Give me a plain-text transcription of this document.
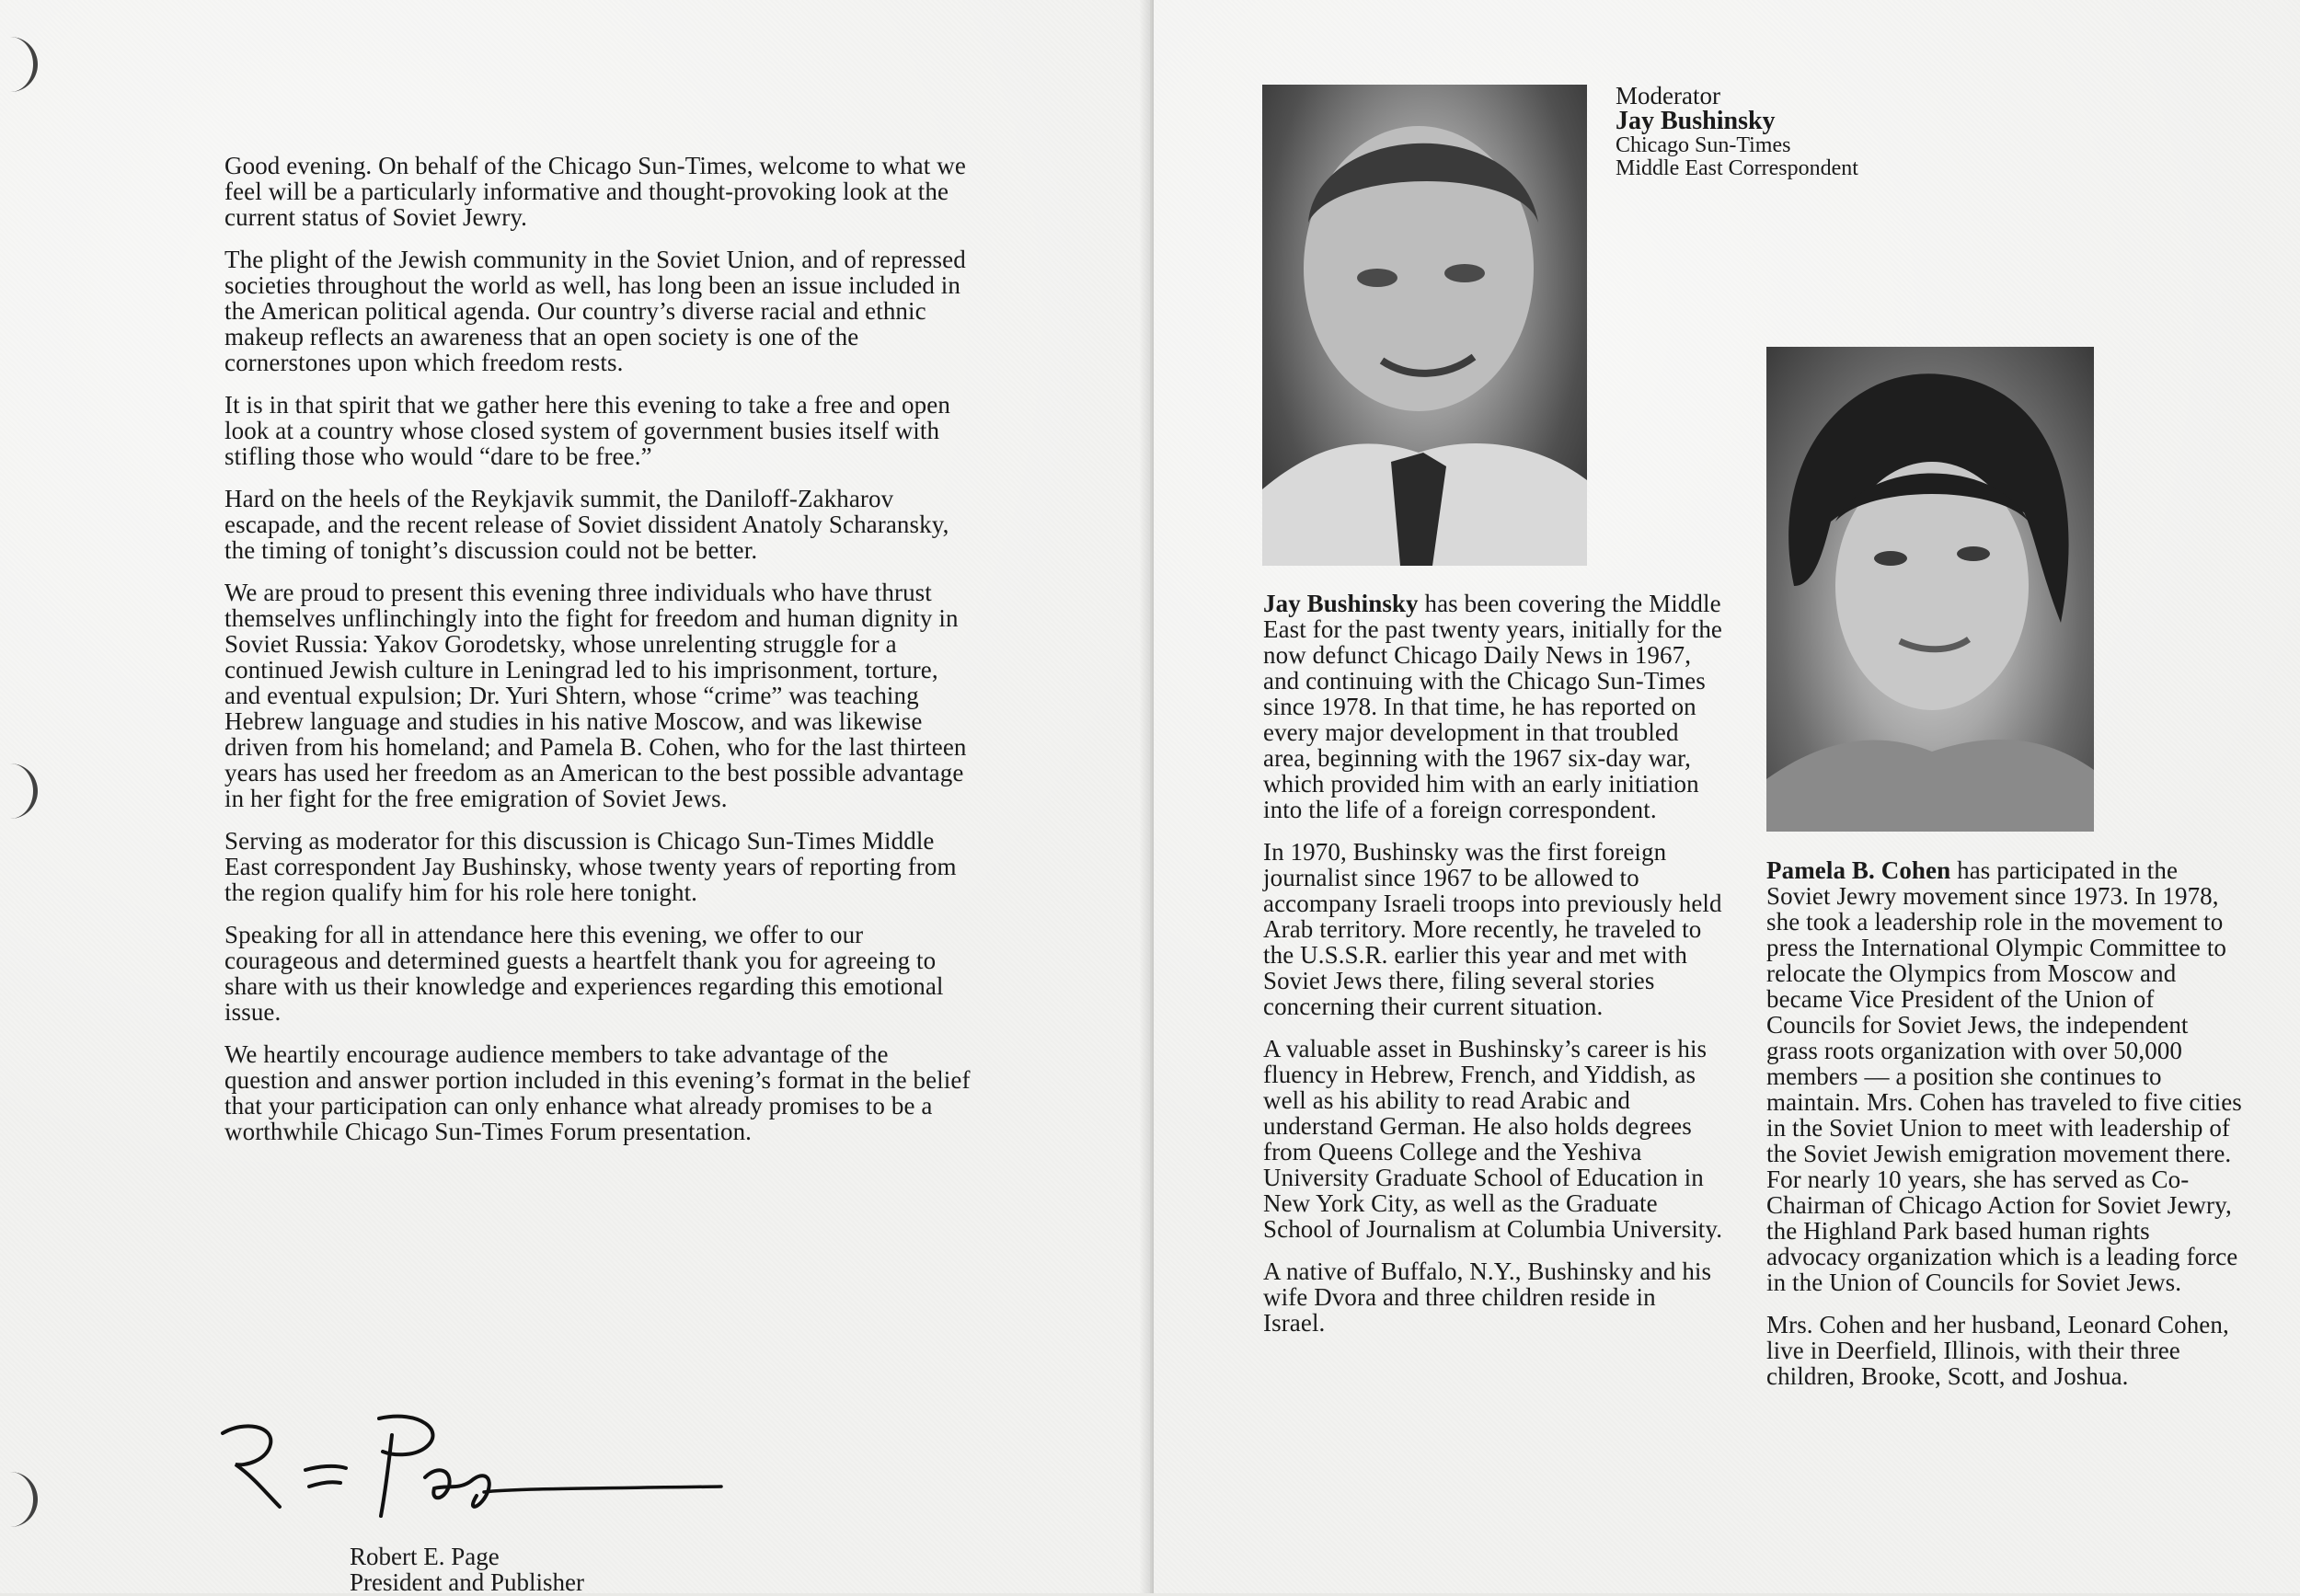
Good evening. On behalf of the Chicago Sun-Times, welcome to what we feel will be a particularly informative and thought-provoking look at the current status of Soviet Jewry.

The plight of the Jewish community in the Soviet Union, and of repressed societies throughout the world as well, has long been an issue included in the American political agenda. Our country’s diverse racial and ethnic makeup reflects an awareness that an open society is one of the cornerstones upon which freedom rests.

It is in that spirit that we gather here this evening to take a free and open look at a country whose closed system of government busies itself with stifling those who would “dare to be free.”

Hard on the heels of the Reykjavik summit, the Daniloff-Zakharov escapade, and the recent release of Soviet dissident Anatoly Scharansky, the timing of tonight’s discussion could not be better.

We are proud to present this evening three individuals who have thrust themselves unflinchingly into the fight for freedom and human dignity in Soviet Russia: Yakov Gorodetsky, whose unrelenting struggle for a continued Jewish culture in Leningrad led to his imprisonment, torture, and eventual expulsion; Dr. Yuri Shtern, whose “crime” was teaching Hebrew language and studies in his native Moscow, and was likewise driven from his homeland; and Pamela B. Cohen, who for the last thirteen years has used her freedom as an American to the best possible advantage in her fight for the free emigration of Soviet Jews.

Serving as moderator for this discussion is Chicago Sun-Times Middle East correspondent Jay Bushinsky, whose twenty years of reporting from the region qualify him for his role here tonight.

Speaking for all in attendance here this evening, we offer to our courageous and determined guests a heartfelt thank you for agreeing to share with us their knowledge and experiences regarding this emotional issue.

We heartily encourage audience members to take advantage of the question and answer portion included in this evening’s format in the belief that your participation can only enhance what already promises to be a worthwhile Chicago Sun-Times Forum presentation.

Robert E. Page
President and Publisher
Moderator
Jay Bushinsky
Chicago Sun-Times
Middle East Correspondent

Jay Bushinsky has been covering the Middle East for the past twenty years, initially for the now defunct Chicago Daily News in 1967, and continuing with the Chicago Sun-Times since 1978. In that time, he has reported on every major development in that troubled area, beginning with the 1967 six-day war, which provided him with an early initiation into the life of a foreign correspondent.

In 1970, Bushinsky was the first foreign journalist since 1967 to be allowed to accompany Israeli troops into previously held Arab territory. More recently, he traveled to the U.S.S.R. earlier this year and met with Soviet Jews there, filing several stories concerning their current situation.

A valuable asset in Bushinsky’s career is his fluency in Hebrew, French, and Yiddish, as well as his ability to read Arabic and understand German. He also holds degrees from Queens College and the Yeshiva University Graduate School of Education in New York City, as well as the Graduate School of Journalism at Columbia University.

A native of Buffalo, N.Y., Bushinsky and his wife Dvora and three children reside in Israel.

Pamela B. Cohen has participated in the Soviet Jewry movement since 1973. In 1978, she took a leadership role in the movement to press the International Olympic Committee to relocate the Olympics from Moscow and became Vice President of the Union of Councils for Soviet Jews, the independent grass roots organization with over 50,000 members — a position she continues to maintain. Mrs. Cohen has traveled to five cities in the Soviet Union to meet with leadership of the Soviet Jewish emigration movement there. For nearly 10 years, she has served as Co-Chairman of Chicago Action for Soviet Jewry, the Highland Park based human rights advocacy organization which is a leading force in the Union of Councils for Soviet Jews.

Mrs. Cohen and her husband, Leonard Cohen, live in Deerfield, Illinois, with their three children, Brooke, Scott, and Joshua.
